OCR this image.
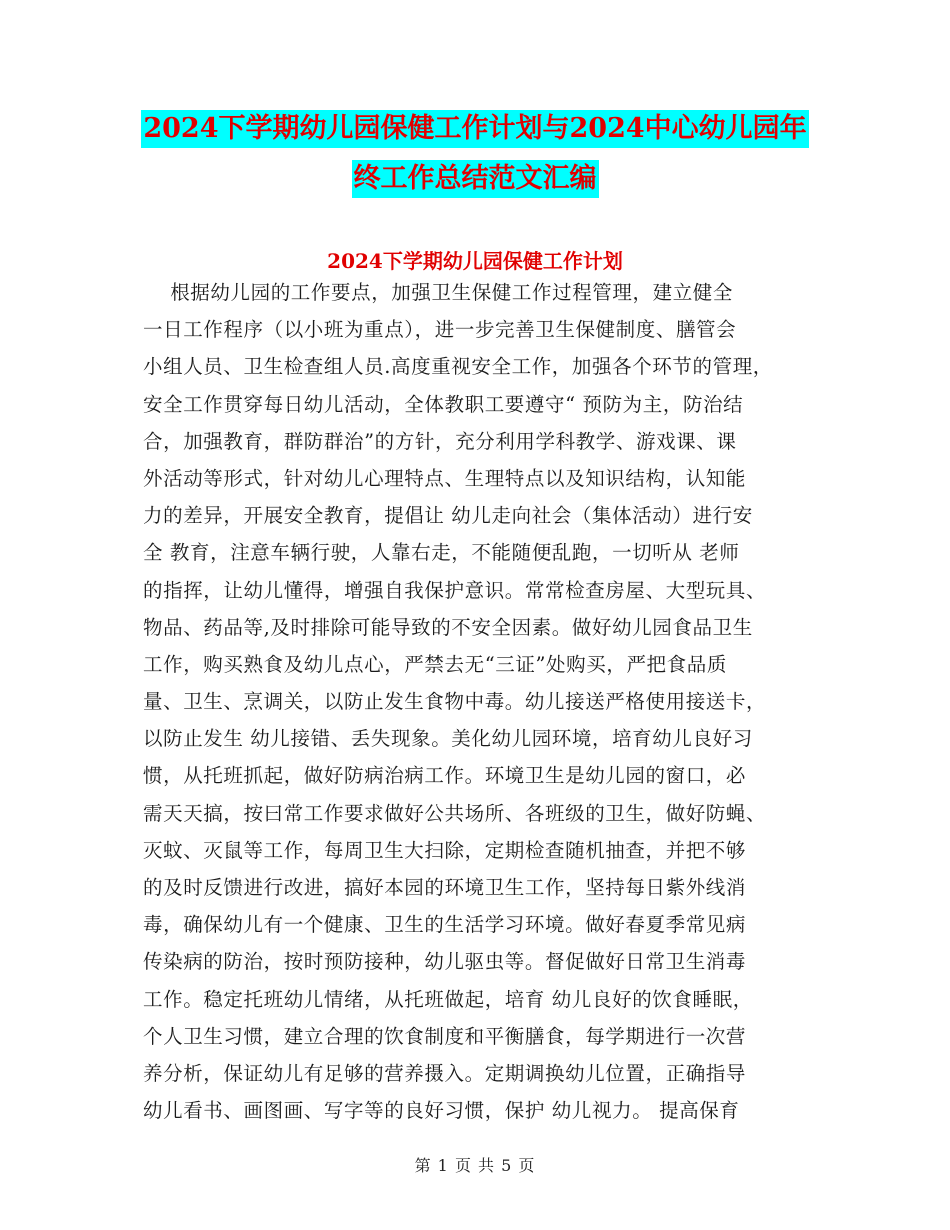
2024下学期幼儿园保健工作计划与2024中心幼儿园年
终工作总结范文汇编
2024下学期幼儿园保健工作计划
根据幼儿园的工作要点，加强卫生保健工作过程管理，建立健全
一日工作程序（以小班为重点），进一步完善卫生保健制度、膳管会
小组人员、卫生检查组人员.高度重视安全工作，加强各个环节的管理，
安全工作贯穿每日幼儿活动，全体教职工要遵守“ 预防为主，防治结
合，加强教育，群防群治”的方针，充分利用学科教学、游戏课、课
外活动等形式，针对幼儿心理特点、生理特点以及知识结构，认知能
力的差异，开展安全教育，提倡让 幼儿走向社会（集体活动）进行安
全 教育，注意车辆行驶，人靠右走，不能随便乱跑，一切听从 老师
的指挥，让幼儿懂得，增强自我保护意识。常常检查房屋、大型玩具、
物品、药品等,及时排除可能导致的不安全因素。做好幼儿园食品卫生
工作，购买熟食及幼儿点心，严禁去无“三证”处购买，严把食品质
量、卫生、烹调关，以防止发生食物中毒。幼儿接送严格使用接送卡，
以防止发生 幼儿接错、丢失现象。美化幼儿园环境，培育幼儿良好习
惯，从托班抓起，做好防病治病工作。环境卫生是幼儿园的窗口，必
需天天搞，按曰常工作要求做好公共场所、各班级的卫生，做好防蝇、
灭蚊、灭鼠等工作，每周卫生大扫除，定期检查随机抽查，并把不够
的及时反馈进行改进，搞好本园的环境卫生工作，坚持每日紫外线消
毒，确保幼儿有一个健康、卫生的生活学习环境。做好春夏季常见病
传染病的防治，按时预防接种，幼儿驱虫等。督促做好日常卫生消毒
工作。稳定托班幼儿情绪，从托班做起，培育 幼儿良好的饮食睡眠，
个人卫生习惯，建立合理的饮食制度和平衡膳食，每学期进行一次营
养分析，保证幼儿有足够的营养摄入。定期调换幼儿位置，正确指导
幼儿看书、画图画、写字等的良好习惯，保护 幼儿视力。 提高保育
第 1 页 共 5 页
